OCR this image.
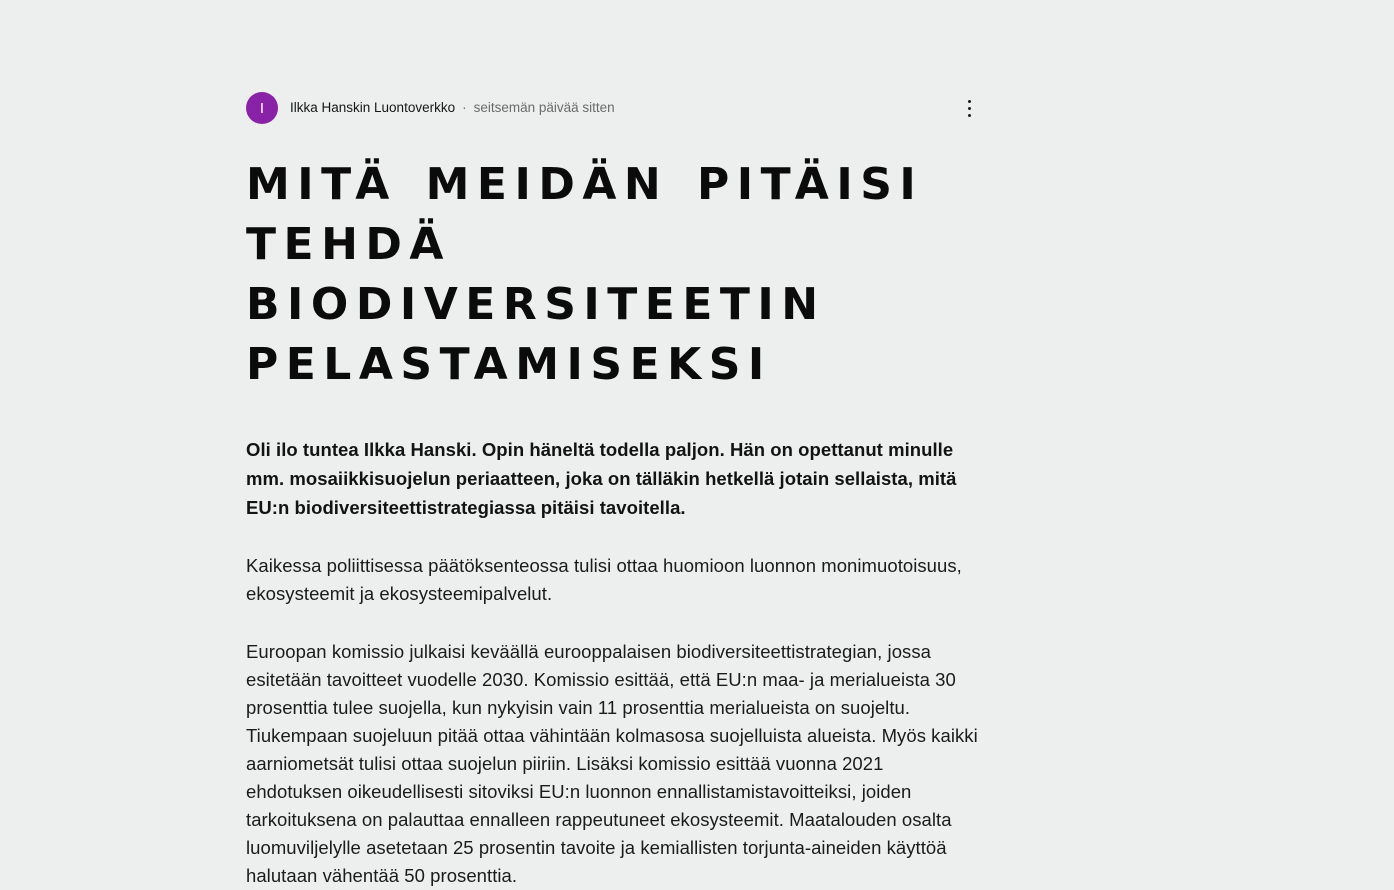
I	Ilkka Hanskin Luontoverkko · seitsemän päivää sitten
MITÄ MEIDÄN PITÄISI TEHDÄ BIODIVERSITEETIN PELASTAMISEKSI

Oli ilo tuntea Ilkka Hanski. Opin häneltä todella paljon. Hän on opettanut minulle mm. mosaiikkisuojelun periaatteen, joka on tälläkin hetkellä jotain sellaista, mitä EU:n biodiversiteettistrategiassa pitäisi tavoitella.

Kaikessa poliittisessa päätöksenteossa tulisi ottaa huomioon luonnon monimuotoisuus, ekosysteemit ja ekosysteemipalvelut.

Euroopan komissio julkaisi keväällä eurooppalaisen biodiversiteettistrategian, jossa esitetään tavoitteet vuodelle 2030. Komissio esittää, että EU:n maa- ja merialueista 30 prosenttia tulee suojella, kun nykyisin vain 11 prosenttia merialueista on suojeltu. Tiukempaan suojeluun pitää ottaa vähintään kolmasosa suojelluista alueista. Myös kaikki aarniometsät tulisi ottaa suojelun piiriin. Lisäksi komissio esittää vuonna 2021 ehdotuksen oikeudellisesti sitoviksi EU:n luonnon ennallistamistavoitteiksi, joiden tarkoituksena on palauttaa ennalleen rappeutuneet ekosysteemit. Maatalouden osalta luomuviljelylle asetetaan 25 prosentin tavoite ja kemiallisten torjunta-aineiden käyttöä halutaan vähentää 50 prosenttia.
